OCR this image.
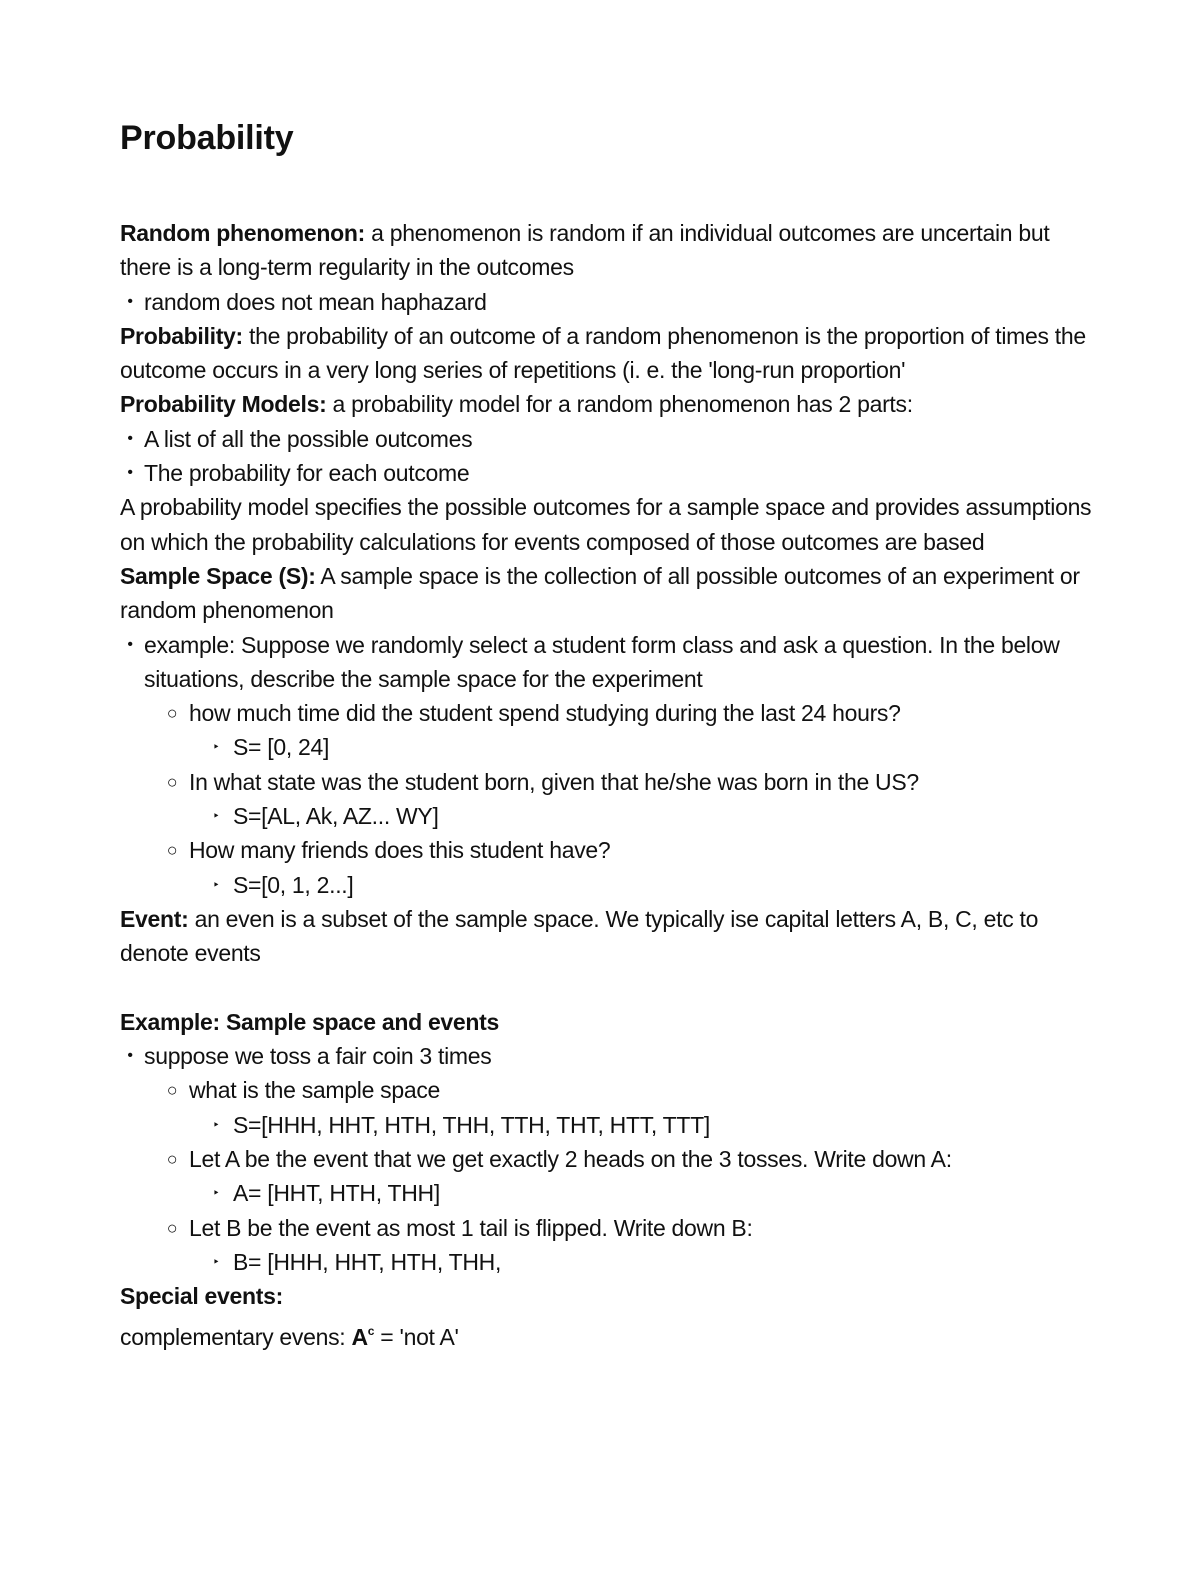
Probability

Random phenomenon: a phenomenon is random if an individual outcomes are uncertain but there is a long-term regularity in the outcomes

• random does not mean haphazard

Probability: the probability of an outcome of a random phenomenon is the proportion of times the outcome occurs in a very long series of repetitions (i. e. the 'long-run proportion'

Probability Models: a probability model for a random phenomenon has 2 parts:

• A list of all the possible outcomes
• The probability for each outcome

A probability model specifies the possible outcomes for a sample space and provides assumptions on which the probability calculations for events composed of those outcomes are based

Sample Space (S): A sample space is the collection of all possible outcomes of an experiment or random phenomenon

• example: Suppose we randomly select a student form class and ask a question. In the below situations, describe the sample space for the experiment
○ how much time did the student spend studying during the last 24 hours?
‣ S= [0, 24]
○ In what state was the student born, given that he/she was born in the US?
‣ S=[AL, Ak, AZ... WY]
○ How many friends does this student have?
‣ S=[0, 1, 2...]

Event: an even is a subset of the sample space. We typically ise capital letters A, B, C, etc to denote events

Example: Sample space and events

• suppose we toss a fair coin 3 times
○ what is the sample space
‣ S=[HHH, HHT, HTH, THH, TTH, THT, HTT, TTT]
○ Let A be the event that we get exactly 2 heads on the 3 tosses. Write down A:
‣ A= [HHT, HTH, THH]
○ Let B be the event as most 1 tail is flipped. Write down B:
‣ B= [HHH, HHT, HTH, THH,

Special events:

complementary evens: $A^c$ = 'not A'
